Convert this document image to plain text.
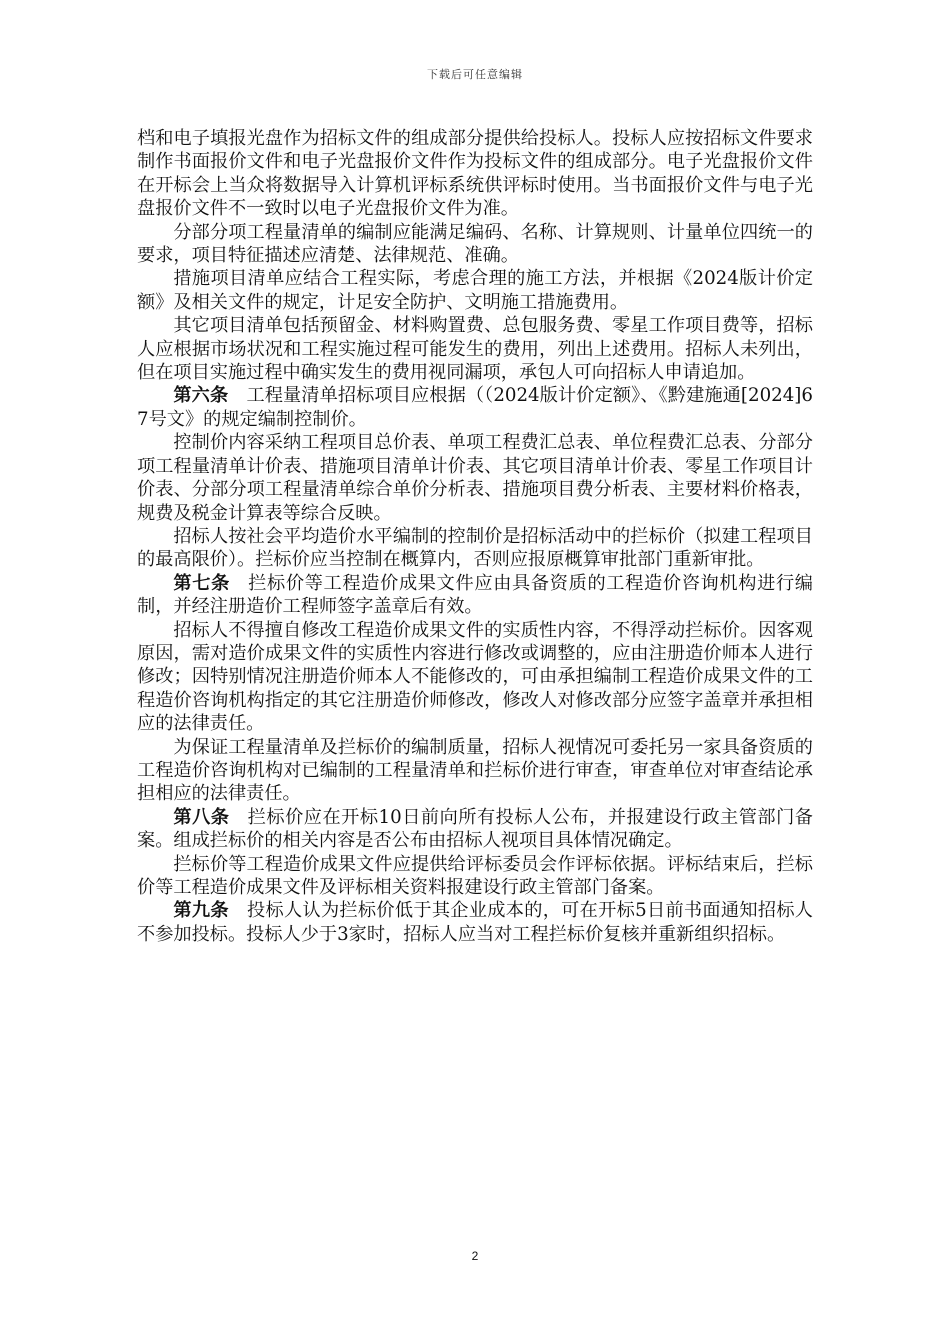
下载后可任意编辑

档和电子填报光盘作为招标文件的组成部分提供给投标人。投标人应按招标文件要求制作书面报价文件和电子光盘报价文件作为投标文件的组成部分。电子光盘报价文件在开标会上当众将数据导入计算机评标系统供评标时使用。当书面报价文件与电子光盘报价文件不一致时以电子光盘报价文件为准。

分部分项工程量清单的编制应能满足编码、名称、计算规则、计量单位四统一的要求，项目特征描述应清楚、法律规范、准确。

措施项目清单应结合工程实际，考虑合理的施工方法，并根据《2024版计价定额》及相关文件的规定，计足安全防护、文明施工措施费用。

其它项目清单包括预留金、材料购置费、总包服务费、零星工作项目费等，招标人应根据市场状况和工程实施过程可能发生的费用，列出上述费用。招标人未列出，但在项目实施过程中确实发生的费用视同漏项，承包人可向招标人申请追加。

第六条 工程量清单招标项目应根据（（2024版计价定额》、《黔建施通[2024]67号文》的规定编制控制价。

控制价内容采纳工程项目总价表、单项工程费汇总表、单位程费汇总表、分部分项工程量清单计价表、措施项目清单计价表、其它项目清单计价表、零星工作项目计价表、分部分项工程量清单综合单价分析表、措施项目费分析表、主要材料价格表，规费及税金计算表等综合反映。

招标人按社会平均造价水平编制的控制价是招标活动中的拦标价（拟建工程项目的最高限价）。拦标价应当控制在概算内，否则应报原概算审批部门重新审批。

第七条 拦标价等工程造价成果文件应由具备资质的工程造价咨询机构进行编制，并经注册造价工程师签字盖章后有效。

招标人不得擅自修改工程造价成果文件的实质性内容，不得浮动拦标价。因客观原因，需对造价成果文件的实质性内容进行修改或调整的，应由注册造价师本人进行修改；因特别情况注册造价师本人不能修改的，可由承担编制工程造价成果文件的工程造价咨询机构指定的其它注册造价师修改，修改人对修改部分应签字盖章并承担相应的法律责任。

为保证工程量清单及拦标价的编制质量，招标人视情况可委托另一家具备资质的工程造价咨询机构对已编制的工程量清单和拦标价进行审查，审查单位对审查结论承担相应的法律责任。

第八条 拦标价应在开标10日前向所有投标人公布，并报建设行政主管部门备案。组成拦标价的相关内容是否公布由招标人视项目具体情况确定。

拦标价等工程造价成果文件应提供给评标委员会作评标依据。评标结束后，拦标价等工程造价成果文件及评标相关资料报建设行政主管部门备案。

第九条 投标人认为拦标价低于其企业成本的，可在开标5日前书面通知招标人不参加投标。投标人少于3家时，招标人应当对工程拦标价复核并重新组织招标。

2
